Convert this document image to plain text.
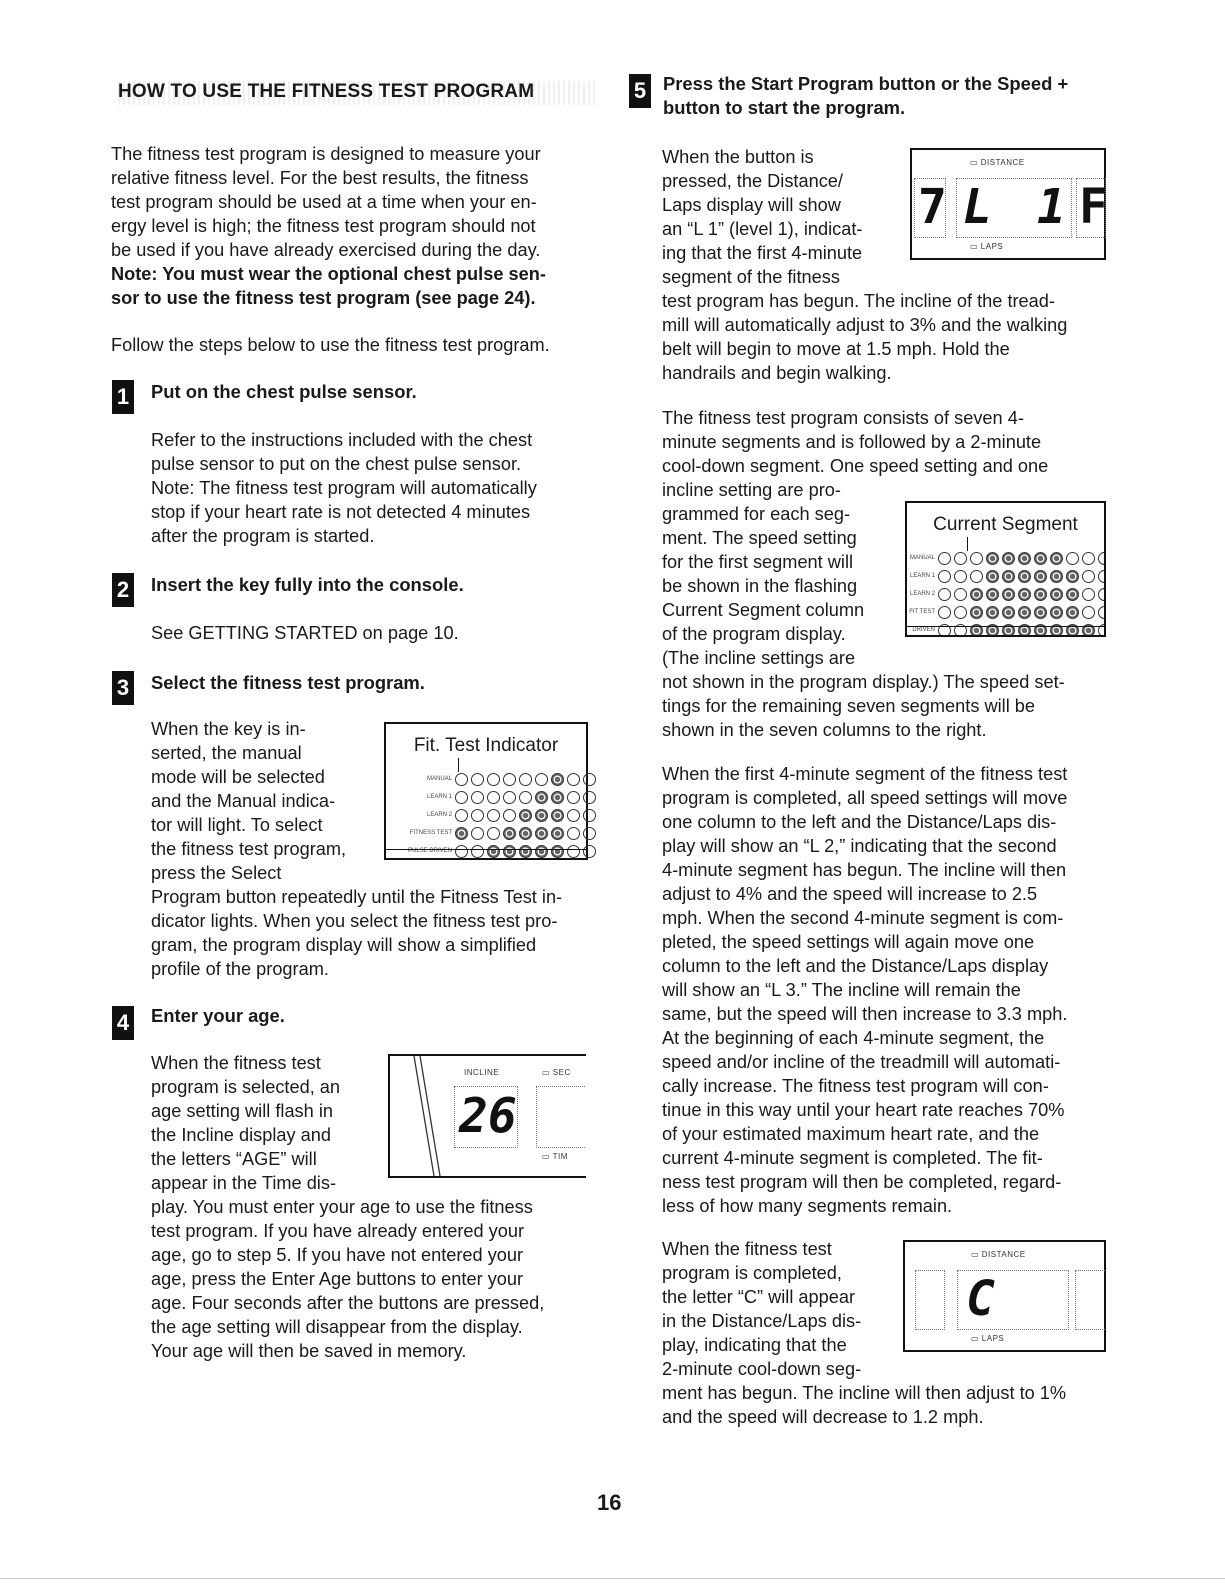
HOW TO USE THE FITNESS TEST PROGRAM

The fitness test program is designed to measure your

relative fitness level. For the best results, the fitness

test program should be used at a time when your en-

ergy level is high; the fitness test program should not

be used if you have already exercised during the day.

Note: You must wear the optional chest pulse sen-

sor to use the fitness test program (see page 24).

Follow the steps below to use the fitness test program.

1 Put on the chest pulse sensor.

Refer to the instructions included with the chest

pulse sensor to put on the chest pulse sensor.

Note: The fitness test program will automatically

stop if your heart rate is not detected 4 minutes

after the program is started.

2 Insert the key fully into the console.

See GETTING STARTED on page 10.

3 Select the fitness test program.

When the key is in-

serted, the manual

mode will be selected

and the Manual indica-

tor will light. To select

the fitness test program,

press the Select

Program button repeatedly until the Fitness Test in-

dicator lights. When you select the fitness test pro-

gram, the program display will show a simplified

profile of the program.

Fit. Test Indicator
MANUAL
LEARN 1
LEARN 2
FITNESS TEST
PULSE DRIVEN
4 Enter your age.

When the fitness test

program is selected, an

age setting will flash in

the Incline display and

the letters “AGE” will

appear in the Time dis-

play. You must enter your age to use the fitness

test program. If you have already entered your

age, go to step 5. If you have not entered your

age, press the Enter Age buttons to enter your

age. Four seconds after the buttons are pressed,

the age setting will disappear from the display.

Your age will then be saved in memory.

INCLINE
26
▭ SEC
▭ TIM
5 Press the Start Program button or the Speed +
button to start the program.

When the button is

pressed, the Distance/

Laps display will show

an “L 1” (level 1), indicat-

ing that the first 4-minute

segment of the fitness

test program has begun. The incline of the tread-

mill will automatically adjust to 3% and the walking

belt will begin to move at 1.5 mph. Hold the

handrails and begin walking.

▭ DISTANCE
7 L 1 F
▭ LAPS

The fitness test program consists of seven 4-

minute segments and is followed by a 2-minute

cool-down segment. One speed setting and one

incline setting are pro-

grammed for each seg-

ment. The speed setting

for the first segment will

be shown in the flashing

Current Segment column

of the program display.

(The incline settings are

not shown in the program display.) The speed set-

tings for the remaining seven segments will be

shown in the seven columns to the right.

Current Segment
MANUAL
LEARN 1
LEARN 2
FIT TEST
DRIVEN

When the first 4-minute segment of the fitness test

program is completed, all speed settings will move

one column to the left and the Distance/Laps dis-

play will show an “L 2,” indicating that the second

4-minute segment has begun. The incline will then

adjust to 4% and the speed will increase to 2.5

mph. When the second 4-minute segment is com-

pleted, the speed settings will again move one

column to the left and the Distance/Laps display

will show an “L 3.” The incline will remain the

same, but the speed will then increase to 3.3 mph.

At the beginning of each 4-minute segment, the

speed and/or incline of the treadmill will automati-

cally increase. The fitness test program will con-

tinue in this way until your heart rate reaches 70%

of your estimated maximum heart rate, and the

current 4-minute segment is completed. The fit-

ness test program will then be completed, regard-

less of how many segments remain.

When the fitness test

program is completed,

the letter “C” will appear

in the Distance/Laps dis-

play, indicating that the

2-minute cool-down seg-

ment has begun. The incline will then adjust to 1%

and the speed will decrease to 1.2 mph.

▭ DISTANCE
C
▭ LAPS
16
